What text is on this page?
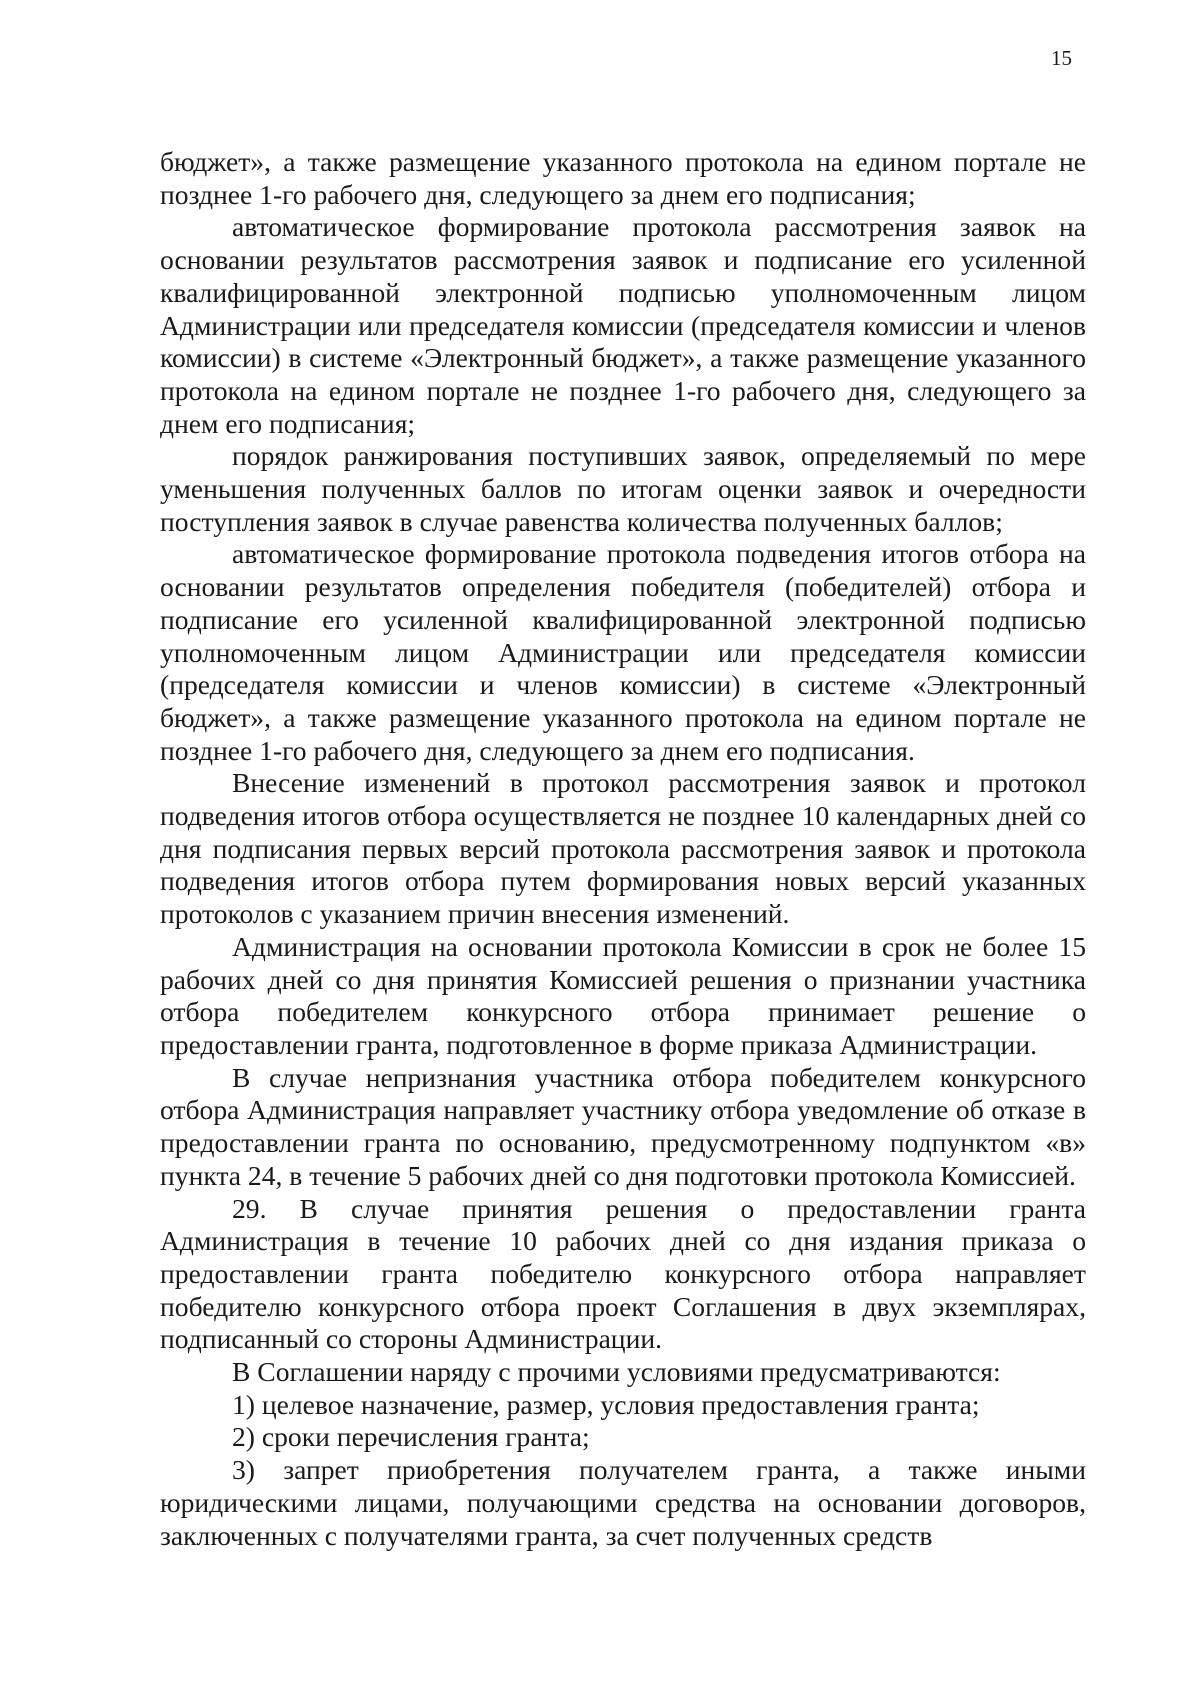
15

бюджет», а также размещение указанного протокола на едином портале не позднее 1-го рабочего дня, следующего за днем его подписания;

автоматическое формирование протокола рассмотрения заявок на основании результатов рассмотрения заявок и подписание его усиленной квалифицированной электронной подписью уполномоченным лицом Администрации или председателя комиссии (председателя комиссии и членов комиссии) в системе «Электронный бюджет», а также размещение указанного протокола на едином портале не позднее 1-го рабочего дня, следующего за днем его подписания;

порядок ранжирования поступивших заявок, определяемый по мере уменьшения полученных баллов по итогам оценки заявок и очередности поступления заявок в случае равенства количества полученных баллов;

автоматическое формирование протокола подведения итогов отбора на основании результатов определения победителя (победителей) отбора и подписание его усиленной квалифицированной электронной подписью уполномоченным лицом Администрации или председателя комиссии (председателя комиссии и членов комиссии) в системе «Электронный бюджет», а также размещение указанного протокола на едином портале не позднее 1-го рабочего дня, следующего за днем его подписания.

Внесение изменений в протокол рассмотрения заявок и протокол подведения итогов отбора осуществляется не позднее 10 календарных дней со дня подписания первых версий протокола рассмотрения заявок и протокола подведения итогов отбора путем формирования новых версий указанных протоколов с указанием причин внесения изменений.

Администрация на основании протокола Комиссии в срок не более 15 рабочих дней со дня принятия Комиссией решения о признании участника отбора победителем конкурсного отбора принимает решение о предоставлении гранта, подготовленное в форме приказа Администрации.

В случае непризнания участника отбора победителем конкурсного отбора Администрация направляет участнику отбора уведомление об отказе в предоставлении гранта по основанию, предусмотренному подпунктом «в» пункта 24, в течение 5 рабочих дней со дня подготовки протокола Комиссией.

29. В случае принятия решения о предоставлении гранта Администрация в течение 10 рабочих дней со дня издания приказа о предоставлении гранта победителю конкурсного отбора направляет победителю конкурсного отбора проект Соглашения в двух экземплярах, подписанный со стороны Администрации.

В Соглашении наряду с прочими условиями предусматриваются:

1) целевое назначение, размер, условия предоставления гранта;

2) сроки перечисления гранта;

3) запрет приобретения получателем гранта, а также иными юридическими лицами, получающими средства на основании договоров, заключенных с получателями гранта, за счет полученных средств
